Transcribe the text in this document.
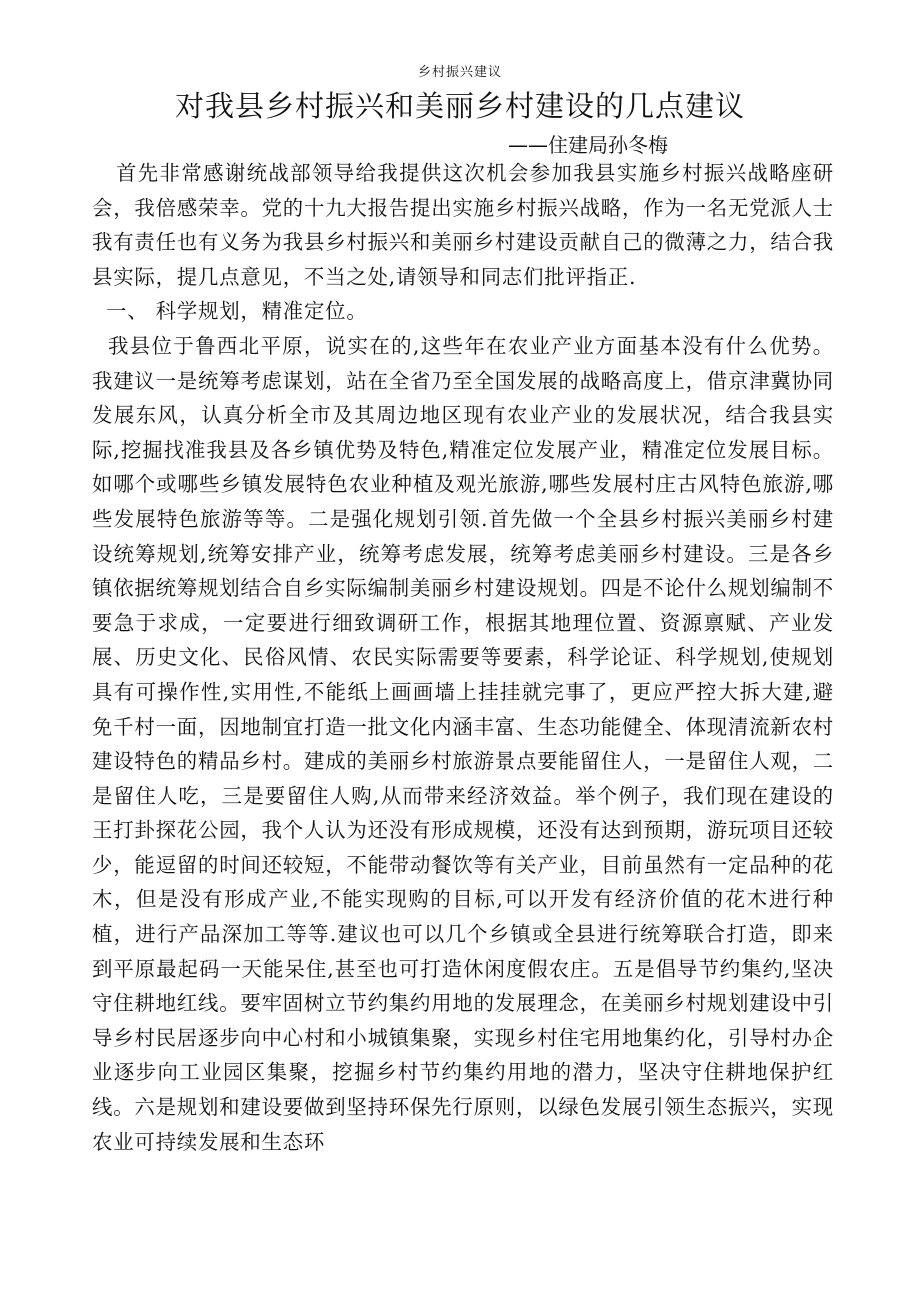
乡村振兴建议
对我县乡村振兴和美丽乡村建设的几点建议
——住建局孙冬梅

首先非常感谢统战部领导给我提供这次机会参加我县实施乡村振兴战略座研会，我倍感荣幸。党的十九大报告提出实施乡村振兴战略，作为一名无党派人士我有责任也有义务为我县乡村振兴和美丽乡村建设贡献自己的微薄之力，结合我县实际，提几点意见，不当之处,请领导和同志们批评指正.

一、 科学规划，精准定位。

我县位于鲁西北平原，说实在的,这些年在农业产业方面基本没有什么优势。我建议一是统筹考虑谋划，站在全省乃至全国发展的战略高度上，借京津冀协同发展东风，认真分析全市及其周边地区现有农业产业的发展状况，结合我县实际,挖掘找准我县及各乡镇优势及特色,精准定位发展产业，精准定位发展目标。如哪个或哪些乡镇发展特色农业种植及观光旅游,哪些发展村庄古风特色旅游,哪些发展特色旅游等等。二是强化规划引领.首先做一个全县乡村振兴美丽乡村建设统筹规划,统筹安排产业，统筹考虑发展，统筹考虑美丽乡村建设。三是各乡镇依据统筹规划结合自乡实际编制美丽乡村建设规划。四是不论什么规划编制不要急于求成，一定要进行细致调研工作，根据其地理位置、资源禀赋、产业发展、历史文化、民俗风情、农民实际需要等要素，科学论证、科学规划,使规划具有可操作性,实用性,不能纸上画画墙上挂挂就完事了，更应严控大拆大建,避免千村一面，因地制宜打造一批文化内涵丰富、生态功能健全、体现清流新农村建设特色的精品乡村。建成的美丽乡村旅游景点要能留住人，一是留住人观，二是留住人吃，三是要留住人购,从而带来经济效益。举个例子，我们现在建设的王打卦探花公园，我个人认为还没有形成规模，还没有达到预期，游玩项目还较少，能逗留的时间还较短，不能带动餐饮等有关产业，目前虽然有一定品种的花木，但是没有形成产业,不能实现购的目标,可以开发有经济价值的花木进行种植，进行产品深加工等等.建议也可以几个乡镇或全县进行统筹联合打造，即来到平原最起码一天能呆住,甚至也可打造休闲度假农庄。五是倡导节约集约,坚决守住耕地红线。要牢固树立节约集约用地的发展理念，在美丽乡村规划建设中引导乡村民居逐步向中心村和小城镇集聚，实现乡村住宅用地集约化，引导村办企业逐步向工业园区集聚，挖掘乡村节约集约用地的潜力，坚决守住耕地保护红线。六是规划和建设要做到坚持环保先行原则，以绿色发展引领生态振兴，实现农业可持续发展和生态环
